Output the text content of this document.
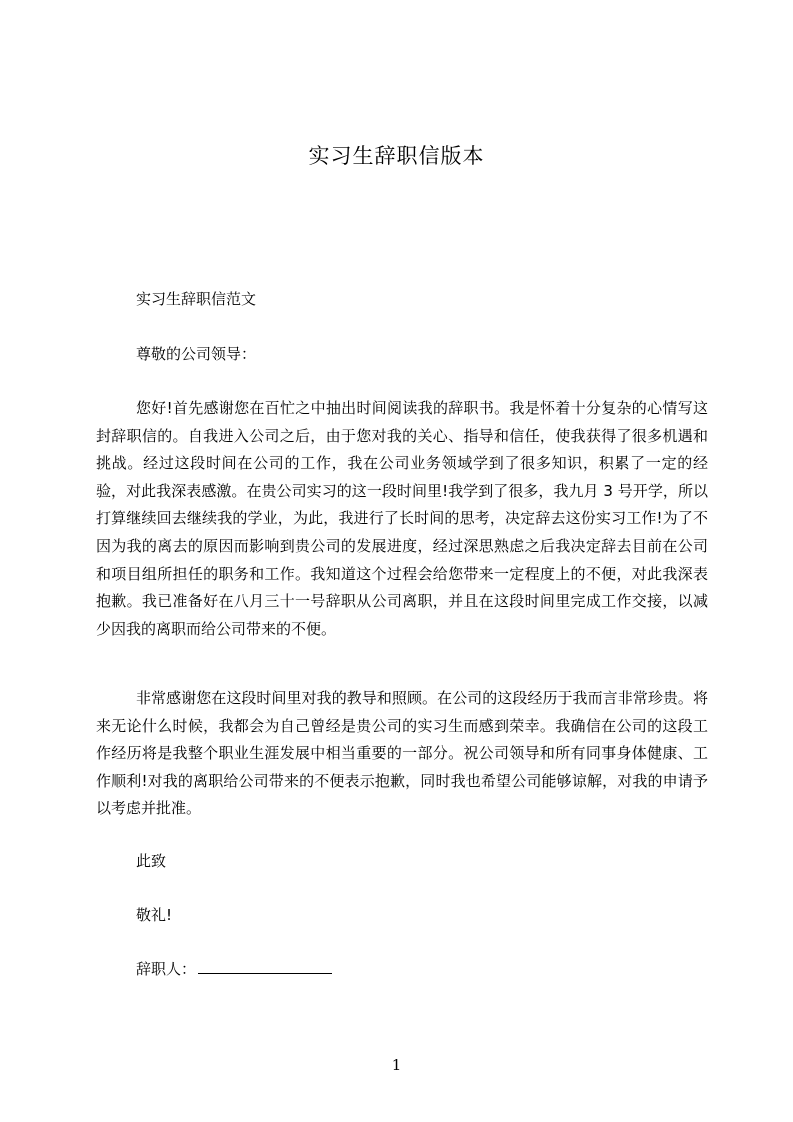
实习生辞职信版本
实习生辞职信范文
尊敬的公司领导：
您好!首先感谢您在百忙之中抽出时间阅读我的辞职书。我是怀着十分复杂的心情写这封辞职信的。自我进入公司之后，由于您对我的关心、指导和信任，使我获得了很多机遇和挑战。经过这段时间在公司的工作，我在公司业务领域学到了很多知识，积累了一定的经验，对此我深表感激。在贵公司实习的这一段时间里!我学到了很多，我九月 3 号开学，所以打算继续回去继续我的学业，为此，我进行了长时间的思考，决定辞去这份实习工作!为了不因为我的离去的原因而影响到贵公司的发展进度，经过深思熟虑之后我决定辞去目前在公司和项目组所担任的职务和工作。我知道这个过程会给您带来一定程度上的不便，对此我深表抱歉。我已准备好在八月三十一号辞职从公司离职，并且在这段时间里完成工作交接，以减少因我的离职而给公司带来的不便。
非常感谢您在这段时间里对我的教导和照顾。在公司的这段经历于我而言非常珍贵。将来无论什么时候，我都会为自己曾经是贵公司的实习生而感到荣幸。我确信在公司的这段工作经历将是我整个职业生涯发展中相当重要的一部分。祝公司领导和所有同事身体健康、工作顺利!对我的离职给公司带来的不便表示抱歉，同时我也希望公司能够谅解，对我的申请予以考虑并批准。
此致
敬礼!
辞职人：
1
